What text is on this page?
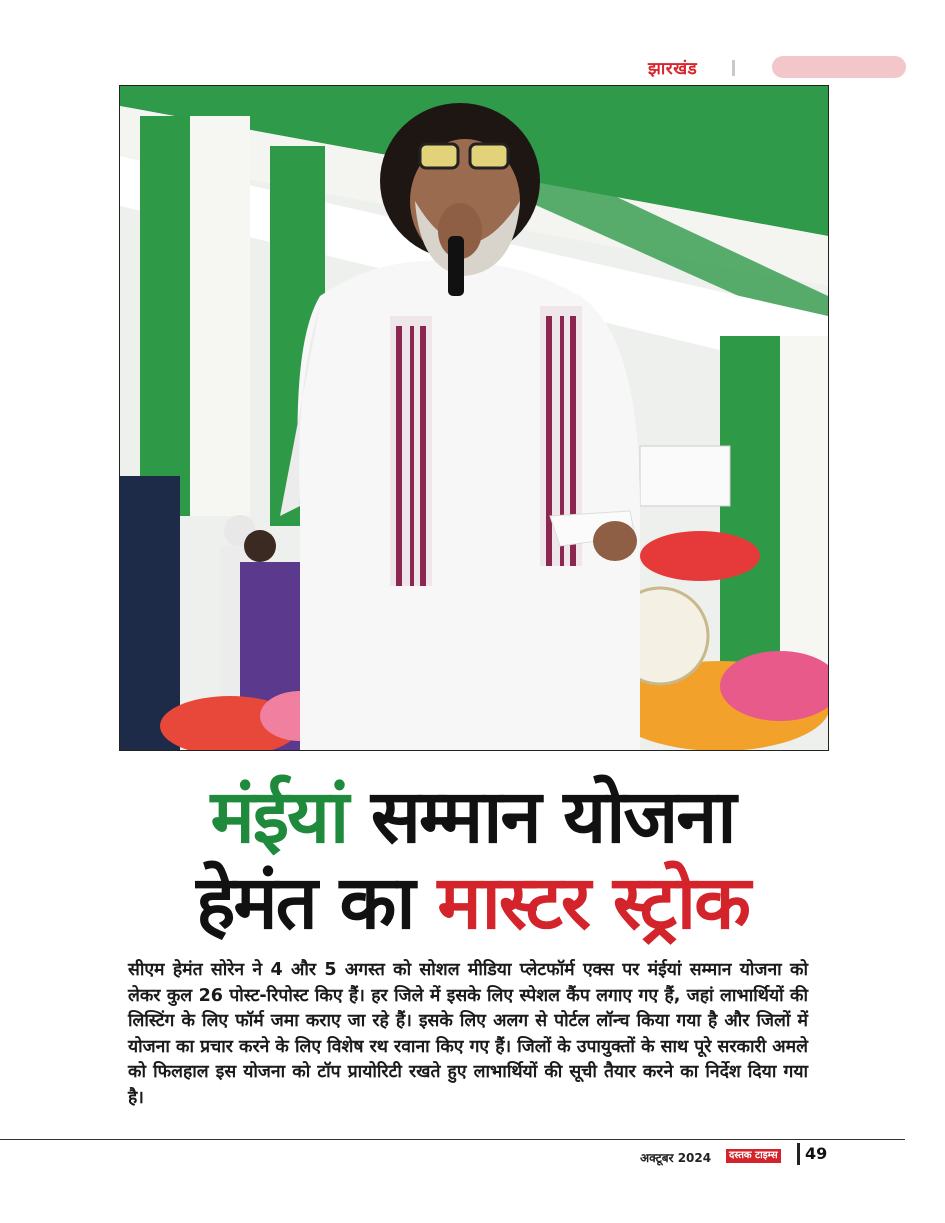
झारखंड
मंईयां सम्मान योजना
हेमंत का मास्टर स्ट्रोक
सीएम हेमंत सोरेन ने 4 और 5 अगस्त को सोशल मीडिया प्लेटफॉर्म एक्स पर मंईयां सम्मान योजना को लेकर कुल 26 पोस्ट-रिपोस्ट किए हैं। हर जिले में इसके लिए स्पेशल कैंप लगाए गए हैं, जहां लाभार्थियों की लिस्टिंग के लिए फॉर्म जमा कराए जा रहे हैं। इसके लिए अलग से पोर्टल लॉन्च किया गया है और जिलों में योजना का प्रचार करने के लिए विशेष रथ रवाना किए गए हैं। जिलों के उपायुक्तों के साथ पूरे सरकारी अमले को फिलहाल इस योजना को टॉप प्रायोरिटी रखते हुए लाभार्थियों की सूची तैयार करने का निर्देश दिया गया है।
अक्टूबर 2024	दस्तक टाइम्स 49
